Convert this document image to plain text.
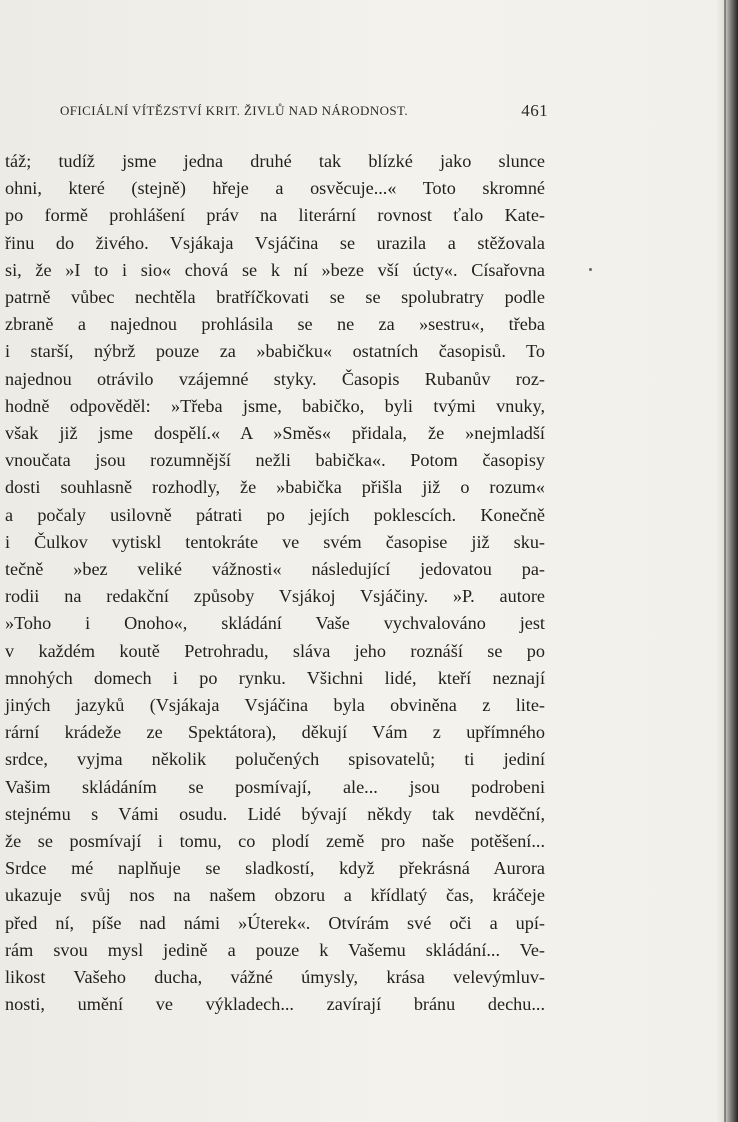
OFICIÁLNÍ VÍTĚZSTVÍ KRIT. ŽIVLŮ NAD NÁRODNOST.	461
táž; tudíž jsme jedna druhé tak blízké jako slunce
ohni, které (stejně) hřeje a osvěcuje...« Toto skromné
po formě prohlášení práv na literární rovnost ťalo Kate-
řinu do živého. Vsjákaja Vsjáčina se urazila a stěžovala
si, že »I to i sio« chová se k ní »beze vší úcty«. Císařovna
patrně vůbec nechtěla bratříčkovati se se spolubratry podle
zbraně a najednou prohlásila se ne za »sestru«, třeba
i starší, nýbrž pouze za »babičku« ostatních časopisů. To
najednou otrávilo vzájemné styky. Časopis Rubanův roz-
hodně odpověděl: »Třeba jsme, babičko, byli tvými vnuky,
však již jsme dospělí.« A »Směs« přidala, že »nejmladší
vnoučata jsou rozumnější nežli babička«. Potom časopisy
dosti souhlasně rozhodly, že »babička přišla již o rozum«
a počaly usilovně pátrati po jejích poklescích. Konečně
i Čulkov vytiskl tentokráte ve svém časopise již sku-
tečně »bez veliké vážnosti« následující jedovatou pa-
rodii na redakční způsoby Vsjákoj Vsjáčiny. »P. autore
»Toho i Onoho«, skládání Vaše vychvalováno jest
v každém koutě Petrohradu, sláva jeho roznáší se po
mnohých domech i po rynku. Všichni lidé, kteří neznají
jiných jazyků (Vsjákaja Vsjáčina byla obviněna z lite-
rární krádeže ze Spektátora), děkují Vám z upřímného
srdce, vyjma několik polučených spisovatelů; ti jediní
Vašim skládáním se posmívají, ale... jsou podrobeni
stejnému s Vámi osudu. Lidé bývají někdy tak nevděční,
že se posmívají i tomu, co plodí země pro naše potěšení...
Srdce mé naplňuje se sladkostí, když překrásná Aurora
ukazuje svůj nos na našem obzoru a křídlatý čas, kráčeje
před ní, píše nad námi »Úterek«. Otvírám své oči a upí-
rám svou mysl jedině a pouze k Vašemu skládání... Ve-
likost Vašeho ducha, vážné úmysly, krása velevýmluv-
nosti, umění ve výkladech... zavírají bránu dechu...
